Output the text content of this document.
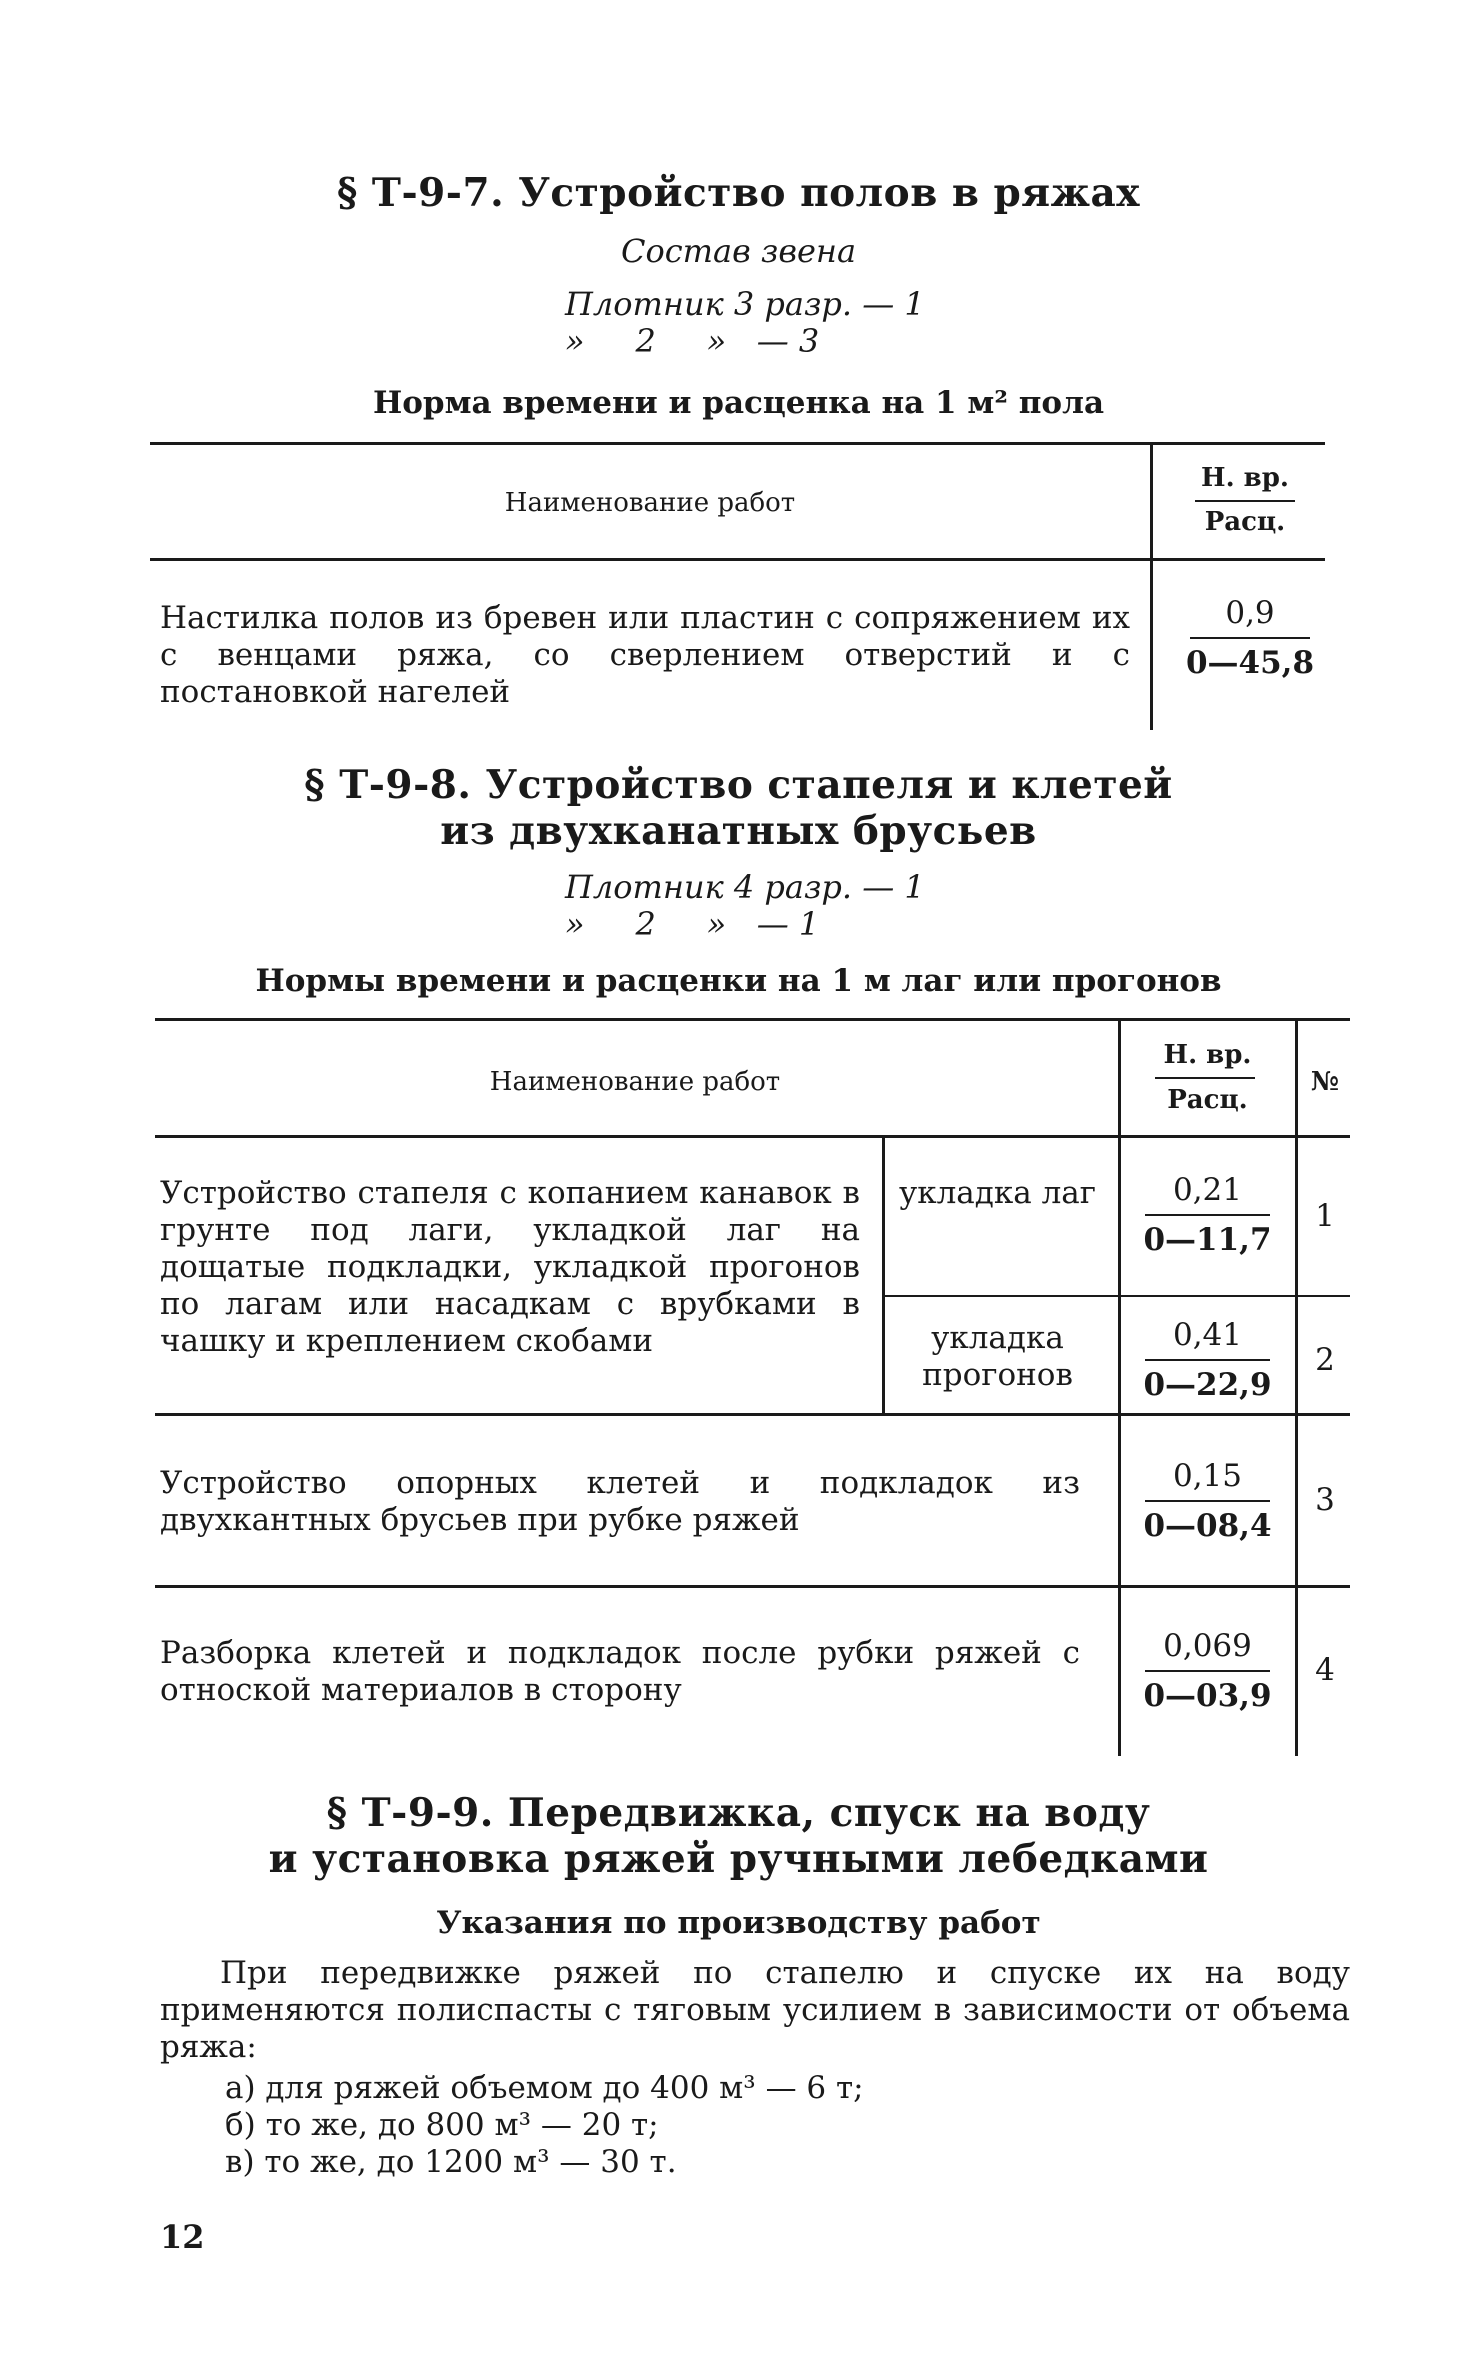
§ Т-9-7. Устройство полов в ряжах
Состав звена
Плотник 3 разр. — 1
»     2     »   — 3
Норма времени и расценка на 1 м² пола
Наименование работ
Н. вр.
Расц.
Настилка полов из бревен или пластин с сопряжением их с венцами ряжа, со сверлением отверстий и с постановкой нагелей
0,9
0—45,8
§ Т-9-8. Устройство стапеля и клетей
из двухканатных брусьев
Плотник 4 разр. — 1
»     2     »   — 1
Нормы времени и расценки на 1 м лаг или прогонов
Наименование работ
Н. вр.
Расц.
№
Устройство стапеля с копанием канавок в грунте под лаги, укладкой лаг на дощатые подкладки, укладкой прогонов по лагам или насадкам с врубками в чашку и креплением скобами
укладка лаг	0,21
0—11,7
1
укладка прогонов
0,41
0—22,9
2
Устройство опорных клетей и подкладок из двухкантных брусьев при рубке ряжей
0,15
0—08,4
3
Разборка клетей и подкладок после рубки ряжей с отноской материалов в сторону
0,069
0—03,9
4
§ Т-9-9. Передвижка, спуск на воду
и установка ряжей ручными лебедками
Указания по производству работ
При передвижке ряжей по стапелю и спуске их на воду применяются полиспасты с тяговым усилием в зависимости от объема ряжа:
а) для ряжей объемом до 400 м³ — 6 т;
б) то же, до 800 м³ — 20 т;
в) то же, до 1200 м³ — 30 т.
12
